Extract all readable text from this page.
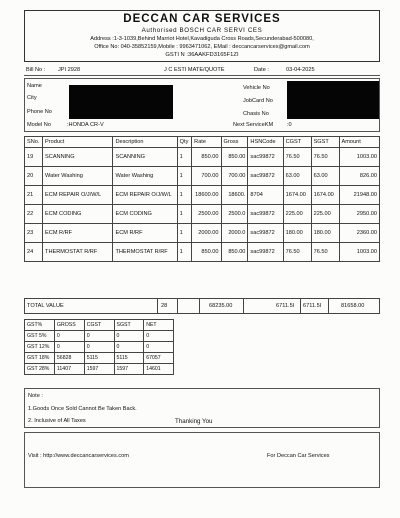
DECCAN CAR SERVICES
Authorised BOSCH CAR SERVI CES
Address :1-3-1039,Behind Marriot Hotel,Kavadiguda Cross Roads,Secunderabad-500080,
Office No: 040-35852159,Mobile : 9963471062, EMail : deccancarservices@gmail.com
GSTI N :36AAKFD3165F1ZI
Bill No : JPI 2928	J C ESTI MATE/QUOTE	Date :	03-04-2025
Name
City
Phone No
Model No	:HONDA CR-V
Vehicle No
JobCard No
Chasis No
Next ServiceKM :0
SNo.	Product	Description	Qty	Rate	Gross	HSNCode	CGST	SGST	Amount
19	SCANNING	SCANNING	1	850.00	850.00	sac99872	76.50	76.50	1003.00
20	Water Washing	Water Washing	1	700.00	700.00	sac99872	63.00	63.00	826.00
21	ECM REPAIR O/J/W/L	ECM REPAIR O/J/W/L	1	18600.00	18600.	8704	1674.00	1674.00	21948.00
22	ECM CODING	ECM CODING	1	2500.00	2500.0	sac99872	225.00	225.00	2950.00
23	ECM R/RF	ECM R/RF	1	2000.00	2000.0	sac99872	180.00	180.00	2360.00
24	THERMOSTAT R/RF	THERMOSTAT R/RF	1	850.00	850.00	sac99872	76.50	76.50	1003.00
TOTAL VALUE	28	68235.00	6711.5I 6711.5I	81658.00
GST%	GROSS	CGST	SGST	NET
GST 5%	0	0	0	0
GST 12%	0	0	0	0
GST 18%	56828	5115	5115	67057
GST 28%	11407	1597	1597	14601
Note :
1.Goods Once Sold Cannot Be Taken Back.
2. Inclusive of All Taxes	Thanking You
Visit : http://www.deccancarservices.com	For Deccan Car Services
